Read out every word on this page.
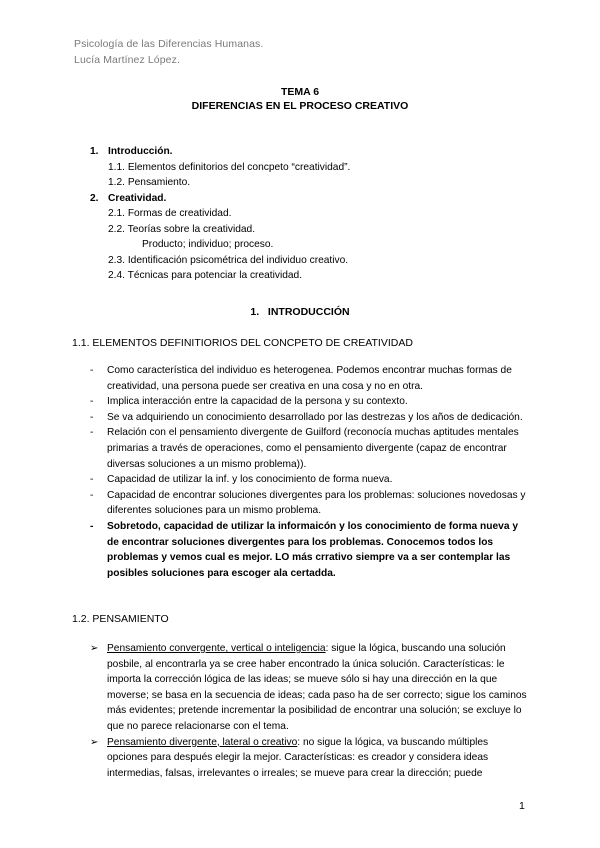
Psicología de las Diferencias Humanas.
Lucía Martínez López.
TEMA 6
DIFERENCIAS EN EL PROCESO CREATIVO
1. Introducción.
1.1. Elementos definitorios del concpeto “creatividad”.
1.2. Pensamiento.
2. Creatividad.
2.1. Formas de creatividad.
2.2. Teorías sobre la creatividad.
Producto; individuo; proceso.
2.3. Identificación psicométrica del individuo creativo.
2.4. Técnicas para potenciar la creatividad.
1. INTRODUCCIÓN
1.1. ELEMENTOS DEFINITIORIOS DEL CONCPETO DE CREATIVIDAD
- Como característica del individuo es heterogenea. Podemos encontrar muchas formas de creatividad, una persona puede ser creativa en una cosa y no en otra.
- Implica interacción entre la capacidad de la persona y su contexto.
- Se va adquiriendo un conocimiento desarrollado por las destrezas y los años de dedicación.
- Relación con el pensamiento divergente de Guilford (reconocía muchas aptitudes mentales primarias a través de operaciones, como el pensamiento divergente (capaz de encontrar diversas soluciones a un mismo problema)).
- Capacidad de utilizar la inf. y los conocimiento de forma nueva.
- Capacidad de encontrar soluciones divergentes para los problemas: soluciones novedosas y diferentes soluciones para un mismo problema.
- Sobretodo, capacidad de utilizar la informaicón y los conocimiento de forma nueva y de encontrar soluciones divergentes para los problemas. Conocemos todos los problemas y vemos cual es mejor. LO más crrativo siempre va a ser contemplar las posibles soluciones para escoger ala certadda.
1.2. PENSAMIENTO
➢ Pensamiento convergente, vertical o inteligencia: sigue la lógica, buscando una solución posbile, al encontrarla ya se cree haber encontrado la única solución. Características: le importa la corrección lógica de las ideas; se mueve sólo si hay una dirección en la que moverse; se basa en la secuencia de ideas; cada paso ha de ser correcto; sigue los caminos más evidentes; pretende incrementar la posibilidad de encontrar una solución; se excluye lo que no parece relacionarse con el tema.
➢ Pensamiento divergente, lateral o creativo: no sigue la lógica, va buscando múltiples opciones para después elegir la mejor. Características: es creador y considera ideas intermedias, falsas, irrelevantes o irreales; se mueve para crear la dirección; puede
1
